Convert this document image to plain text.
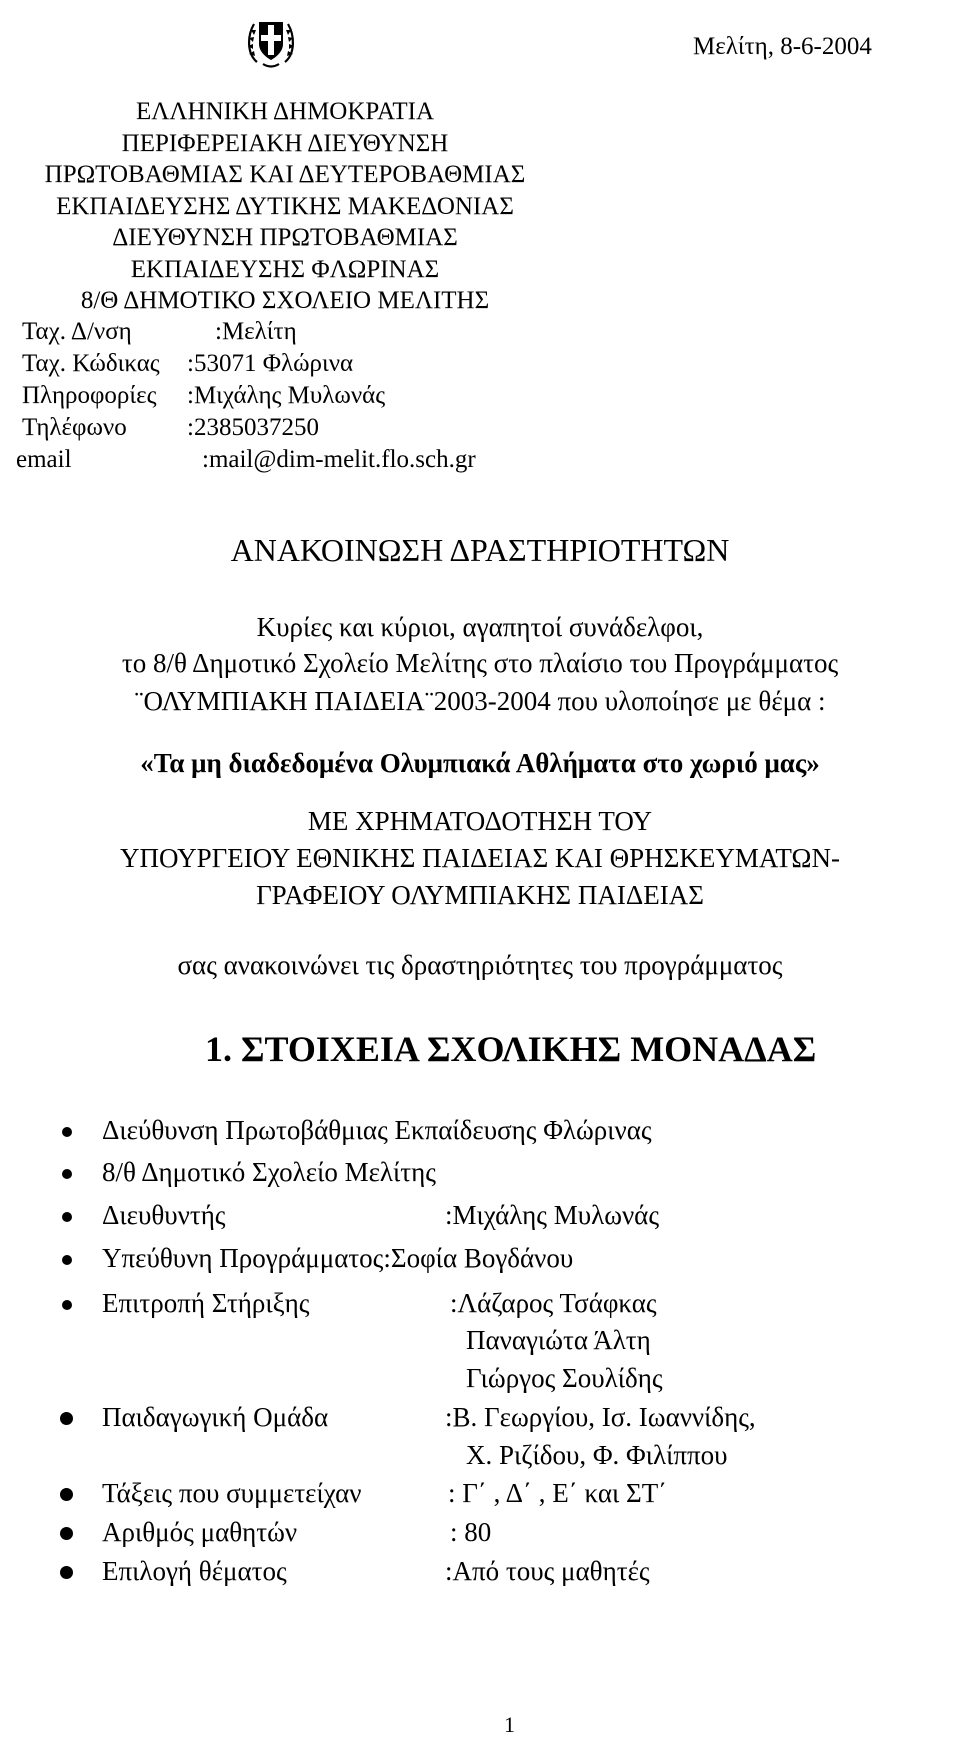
Μελίτη, 8-6-2004
ΕΛΛΗΝΙΚΗ ΔΗΜΟΚΡΑΤΙΑ
ΠΕΡΙΦΕΡΕΙΑΚΗ ΔΙΕΥΘΥΝΣΗ
ΠΡΩΤΟΒΑΘΜΙΑΣ ΚΑΙ ΔΕΥΤΕΡΟΒΑΘΜΙΑΣ
ΕΚΠΑΙΔΕΥΣΗΣ ΔΥΤΙΚΗΣ ΜΑΚΕΔΟΝΙΑΣ
ΔΙΕΥΘΥΝΣΗ ΠΡΩΤΟΒΑΘΜΙΑΣ
ΕΚΠΑΙΔΕΥΣΗΣ ΦΛΩΡΙΝΑΣ
8/Θ ΔΗΜΟΤΙΚΟ ΣΧΟΛΕΙΟ ΜΕΛΙΤΗΣ
Ταχ. Δ/νση	:Μελίτη
Ταχ. Κώδικας :53071 Φλώρινα
Πληροφορίες :Μιχάλης Μυλωνάς
Τηλέφωνο :2385037250
email	:mail@dim-melit.flo.sch.gr
ΑΝΑΚΟΙΝΩΣΗ ΔΡΑΣΤΗΡΙΟΤΗΤΩΝ
Κυρίες και κύριοι, αγαπητοί συνάδελφοι,
το 8/θ Δημοτικό Σχολείο Μελίτης στο πλαίσιο του Προγράμματος
¨ΟΛΥΜΠΙΑΚΗ ΠΑΙΔΕΙΑ¨2003-2004 που υλοποίησε με θέμα :
«Τα μη διαδεδομένα Ολυμπιακά Αθλήματα στο χωριό μας»
ΜΕ ΧΡΗΜΑΤΟΔΟΤΗΣΗ ΤΟΥ
ΥΠΟΥΡΓΕΙΟΥ ΕΘΝΙΚΗΣ ΠΑΙΔΕΙΑΣ ΚΑΙ ΘΡΗΣΚΕΥΜΑΤΩΝ-
ΓΡΑΦΕΙΟΥ ΟΛΥΜΠΙΑΚΗΣ ΠΑΙΔΕΙΑΣ
σας ανακοινώνει τις δραστηριότητες του προγράμματος
1. ΣΤΟΙΧΕΙΑ ΣΧΟΛΙΚΗΣ ΜΟΝΑΔΑΣ
Διεύθυνση Πρωτοβάθμιας Εκπαίδευσης Φλώρινας
8/θ Δημοτικό Σχολείο Μελίτης
Διευθυντής	:Μιχάλης Μυλωνάς
Υπεύθυνη Προγράμματος:Σοφία Βογδάνου
Επιτροπή Στήριξης	:Λάζαρος Τσάφκας
Παναγιώτα Άλτη
Γιώργος Σουλίδης
Παιδαγωγική Ομάδα	:Β. Γεωργίου, Ισ. Ιωαννίδης,
Χ. Ριζίδου, Φ. Φιλίππου
Τάξεις που συμμετείχαν	: Γ΄ , Δ΄ , Ε΄ και ΣΤ΄
Αριθμός μαθητών	: 80
Επιλογή θέματος	:Από τους μαθητές
1
